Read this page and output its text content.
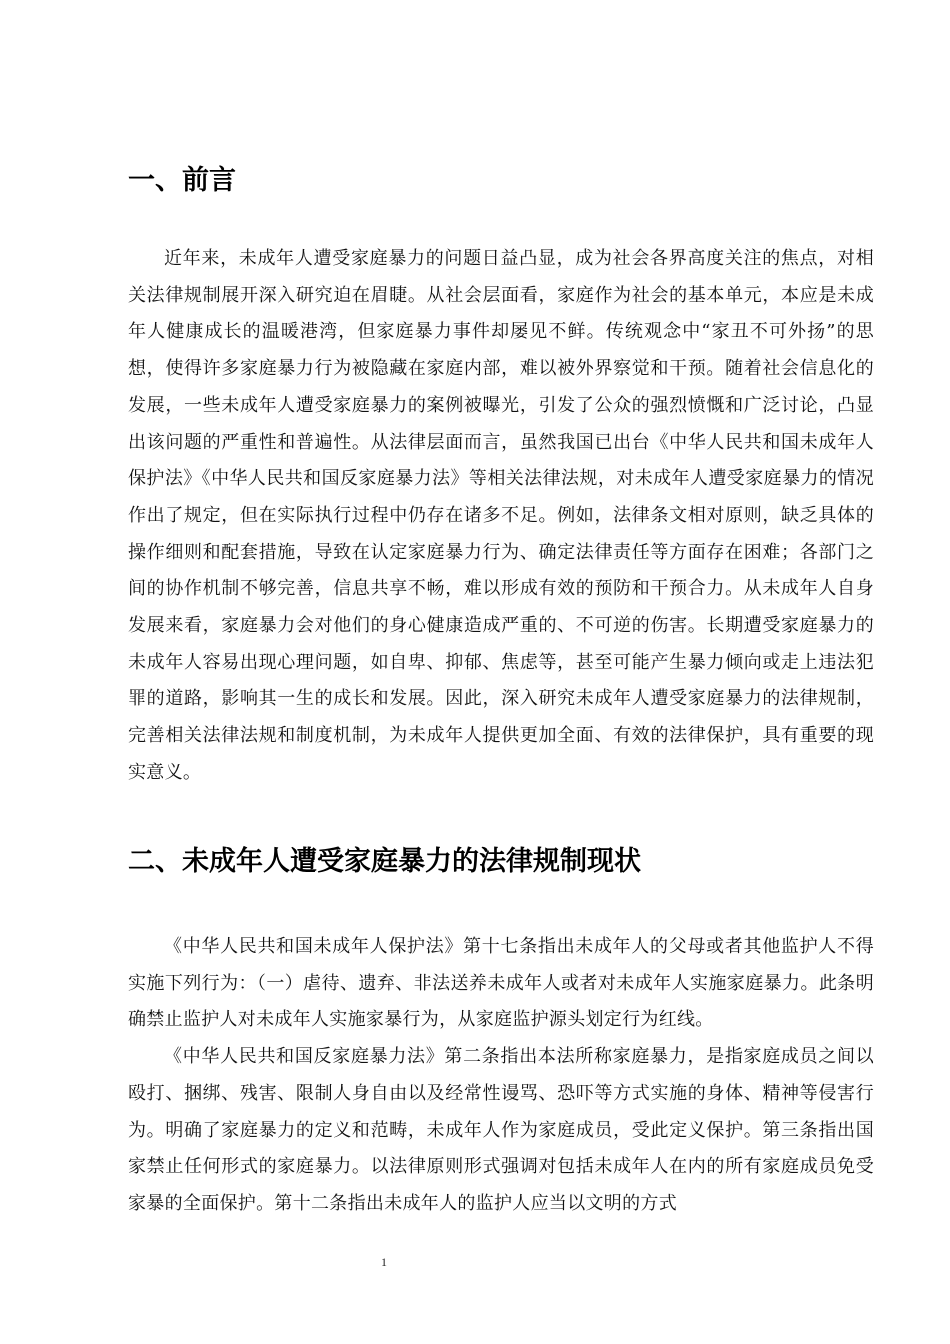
一、前言

近年来，未成年人遭受家庭暴力的问题日益凸显，成为社会各界高度关注的焦点，对相关法律规制展开深入研究迫在眉睫。从社会层面看，家庭作为社会的基本单元，本应是未成年人健康成长的温暖港湾，但家庭暴力事件却屡见不鲜。传统观念中“家丑不可外扬”的思想，使得许多家庭暴力行为被隐藏在家庭内部，难以被外界察觉和干预。随着社会信息化的发展，一些未成年人遭受家庭暴力的案例被曝光，引发了公众的强烈愤慨和广泛讨论，凸显出该问题的严重性和普遍性。从法律层面而言，虽然我国已出台《中华人民共和国未成年人保护法》《中华人民共和国反家庭暴力法》等相关法律法规，对未成年人遭受家庭暴力的情况作出了规定，但在实际执行过程中仍存在诸多不足。例如，法律条文相对原则，缺乏具体的操作细则和配套措施，导致在认定家庭暴力行为、确定法律责任等方面存在困难；各部门之间的协作机制不够完善，信息共享不畅，难以形成有效的预防和干预合力。从未成年人自身发展来看，家庭暴力会对他们的身心健康造成严重的、不可逆的伤害。长期遭受家庭暴力的未成年人容易出现心理问题，如自卑、抑郁、焦虑等，甚至可能产生暴力倾向或走上违法犯罪的道路，影响其一生的成长和发展。因此，深入研究未成年人遭受家庭暴力的法律规制，完善相关法律法规和制度机制，为未成年人提供更加全面、有效的法律保护，具有重要的现实意义。

二、未成年人遭受家庭暴力的法律规制现状

《中华人民共和国未成年人保护法》第十七条指出未成年人的父母或者其他监护人不得实施下列行为：（一）虐待、遗弃、非法送养未成年人或者对未成年人实施家庭暴力。此条明确禁止监护人对未成年人实施家暴行为，从家庭监护源头划定行为红线。

《中华人民共和国反家庭暴力法》第二条指出本法所称家庭暴力，是指家庭成员之间以殴打、捆绑、残害、限制人身自由以及经常性谩骂、恐吓等方式实施的身体、精神等侵害行为。明确了家庭暴力的定义和范畴，未成年人作为家庭成员，受此定义保护。第三条指出国家禁止任何形式的家庭暴力。以法律原则形式强调对包括未成年人在内的所有家庭成员免受家暴的全面保护。第十二条指出未成年人的监护人应当以文明的方式

1
